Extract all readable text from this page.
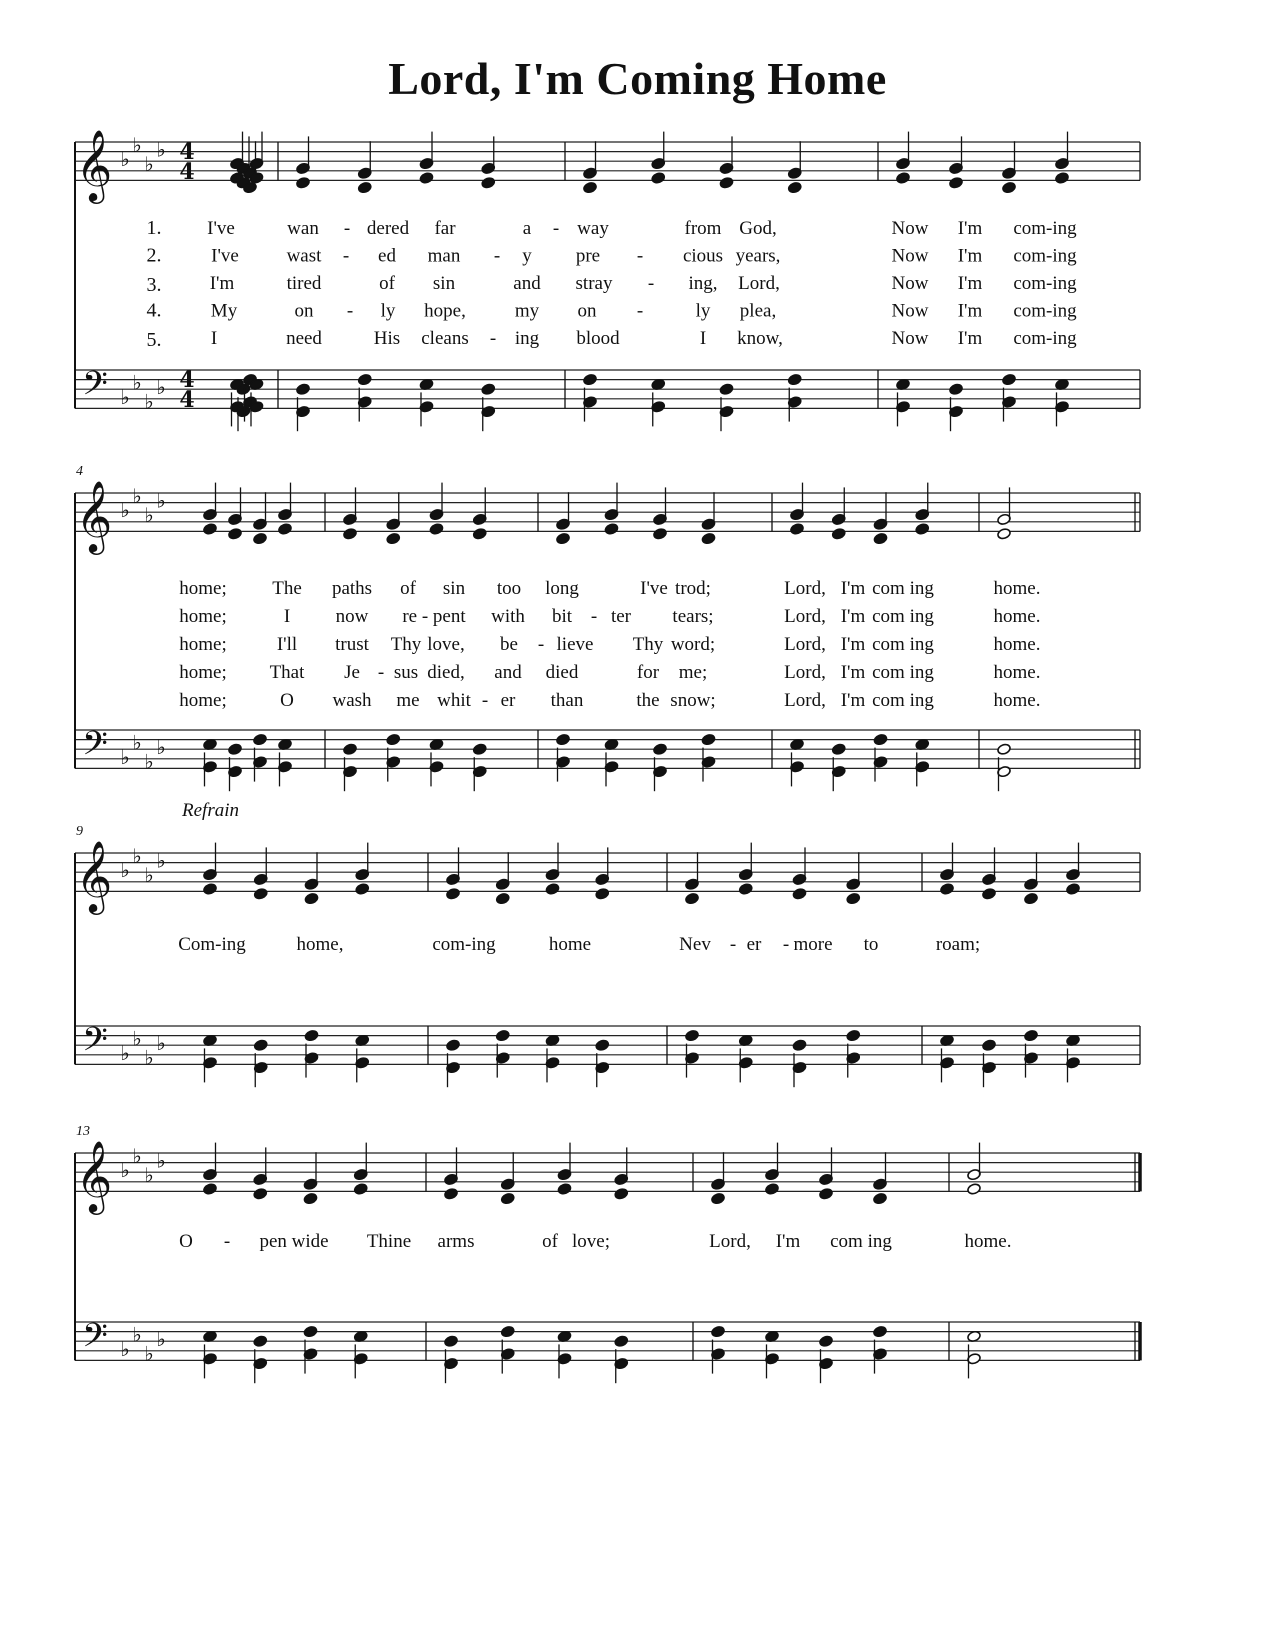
Lord, I'm Coming Home
𝄞
𝄢
♭
♭
♭
♭
♭
♭
♭
♭
4
4
4
4
1. I've	wan - dered far	a - way	from God,	Now I'm com-ing
2.	I've	wast - ed man - y pre - cious years,	Now I'm com-ing
3.	I'm	tired	of sin	and stray - ing, Lord,	Now I'm com-ing
4.	My	on - ly hope,	my on -	ly plea,	Now I'm com-ing
5.	I	need	His cleans - ing blood	I know,	Now I'm com-ing
𝄞
𝄢
♭
♭
♭
♭
♭
♭
♭
♭
4
home; The paths of sin too long	I've trod;	Lord, I'm com ing	home.
home;	I now re - pent with bit - ter tears;	Lord, I'm com ing	home.
home;	I'll trust Thy love, be - lieve Thy word;	Lord, I'm com ing	home.
home; That Je - sus died, and died	for me;	Lord, I'm com ing	home.
home;	O wash me whit - er than	the snow;	Lord, I'm com ing	home.
𝄞
𝄢
♭
♭
♭
♭
♭
♭
♭
♭
9
Refrain
Com-ing	home,	com-ing	home	Nev - er - more to	roam;
𝄞
𝄢
♭
♭
♭
♭
♭
♭
♭
♭
13
O - pen wide Thine arms	of love;	Lord, I'm com ing	home.
